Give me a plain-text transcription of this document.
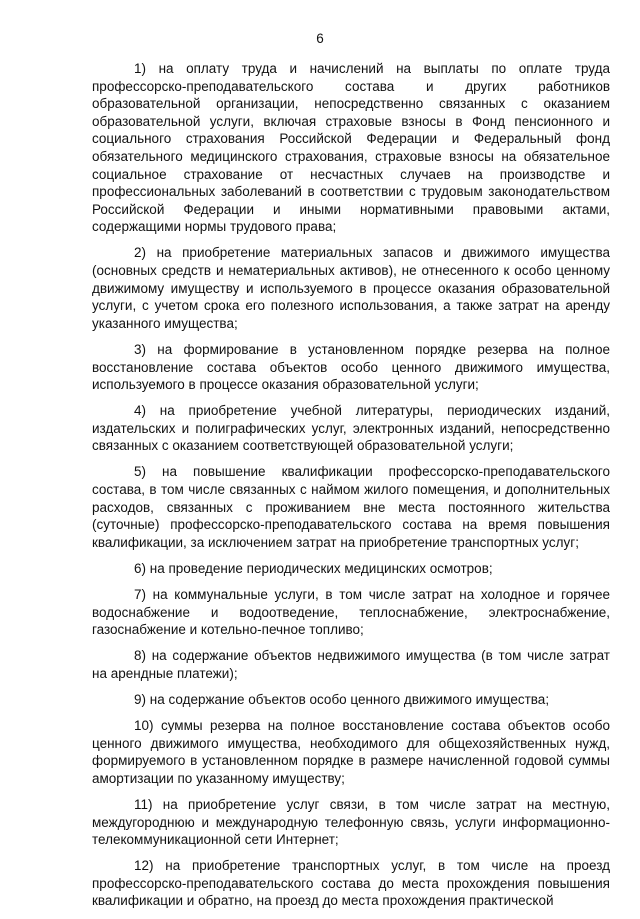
6

1) на оплату труда и начислений на выплаты по оплате труда профессорско-преподавательского состава и других работников образовательной организации, непосредственно связанных с оказанием образовательной услуги, включая страховые взносы в Фонд пенсионного и социального страхования Российской Федерации и Федеральный фонд обязательного медицинского страхования, страховые взносы на обязательное социальное страхование от несчастных случаев на производстве и профессиональных заболеваний в соответствии с трудовым законодательством Российской Федерации и иными нормативными правовыми актами, содержащими нормы трудового права;

2) на приобретение материальных запасов и движимого имущества (основных средств и нематериальных активов), не отнесенного к особо ценному движимому имуществу и используемого в процессе оказания образовательной услуги, с учетом срока его полезного использования, а также затрат на аренду указанного имущества;

3) на формирование в установленном порядке резерва на полное восстановление состава объектов особо ценного движимого имущества, используемого в процессе оказания образовательной услуги;

4) на приобретение учебной литературы, периодических изданий, издательских и полиграфических услуг, электронных изданий, непосредственно связанных с оказанием соответствующей образовательной услуги;

5) на повышение квалификации профессорско-преподавательского состава, в том числе связанных с наймом жилого помещения, и дополнительных расходов, связанных с проживанием вне места постоянного жительства (суточные) профессорско-преподавательского состава на время повышения квалификации, за исключением затрат на приобретение транспортных услуг;

6) на проведение периодических медицинских осмотров;

7) на коммунальные услуги, в том числе затрат на холодное и горячее водоснабжение и водоотведение, теплоснабжение, электроснабжение, газоснабжение и котельно-печное топливо;

8) на содержание объектов недвижимого имущества (в том числе затрат на арендные платежи);

9) на содержание объектов особо ценного движимого имущества;

10) суммы резерва на полное восстановление состава объектов особо ценного движимого имущества, необходимого для общехозяйственных нужд, формируемого в установленном порядке в размере начисленной годовой суммы амортизации по указанному имуществу;

11) на приобретение услуг связи, в том числе затрат на местную, междугороднюю и международную телефонную связь, услуги информационно-телекоммуникационной сети Интернет;

12) на приобретение транспортных услуг, в том числе на проезд профессорско-преподавательского состава до места прохождения повышения квалификации и обратно, на проезд до места прохождения практической
